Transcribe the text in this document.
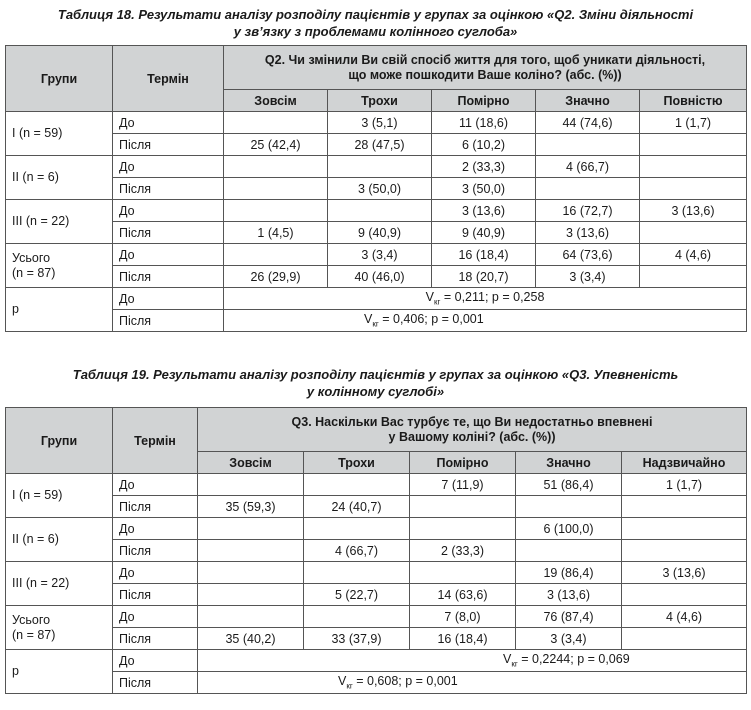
Таблиця 18. Результати аналізу розподілу пацієнтів у групах за оцінкою «Q2. Зміни діяльності
у зв’язку з проблемами колінного суглоба»
Групи	Термін	Q2. Чи змінили Ви свій спосіб життя для того, щоб уникати діяльності,
що може пошкодити Ваше коліно? (абс. (%))				

		Зовсім	Трохи	Помірно	Значно	Повністю
I (n = 59)	До		3 (5,1)	11 (18,6)	44 (74,6)	1 (1,7)
	Після	25 (42,4)	28 (47,5)	6 (10,2)		
II (n = 6)	До			2 (33,3)	4 (66,7)	
	Після		3 (50,0)	3 (50,0)		
III (n = 22)	До			3 (13,6)	16 (72,7)	3 (13,6)
	Після	1 (4,5)	9 (40,9)	9 (40,9)	3 (13,6)	

Усього
(n = 87)	До		3 (3,4)	16 (18,4)	64 (73,6)	4 (4,6)
	Після	26 (29,9)	40 (46,0)	18 (20,7)	3 (3,4)	
р	До	$V_{кг} = 0,211$; p = 0,258				
	Після	$V_{кг} = 0,406$; p = 0,001				
Таблиця 19. Результати аналізу розподілу пацієнтів у групах за оцінкою «Q3. Упевненість
у колінному суглобі»
Групи	Термін	Q3. Наскільки Вас турбує те, що Ви недостатньо впевнені
у Вашому коліні? (абс. (%))				

		Зовсім	Трохи	Помірно	Значно	Надзвичайно
I (n = 59)	До			7 (11,9)	51 (86,4)	1 (1,7)
	Після	35 (59,3)	24 (40,7)			
II (n = 6)	До				6 (100,0)	
	Після		4 (66,7)	2 (33,3)		
III (n = 22)	До				19 (86,4)	3 (13,6)
	Після		5 (22,7)	14 (63,6)	3 (13,6)	

Усього
(n = 87)	До			7 (8,0)	76 (87,4)	4 (4,6)
	Після	35 (40,2)	33 (37,9)	16 (18,4)	3 (3,4)	
р	До	$V_{кг} = 0,2244$; p = 0,069				
	Після	$V_{кг} = 0,608$; p = 0,001				
